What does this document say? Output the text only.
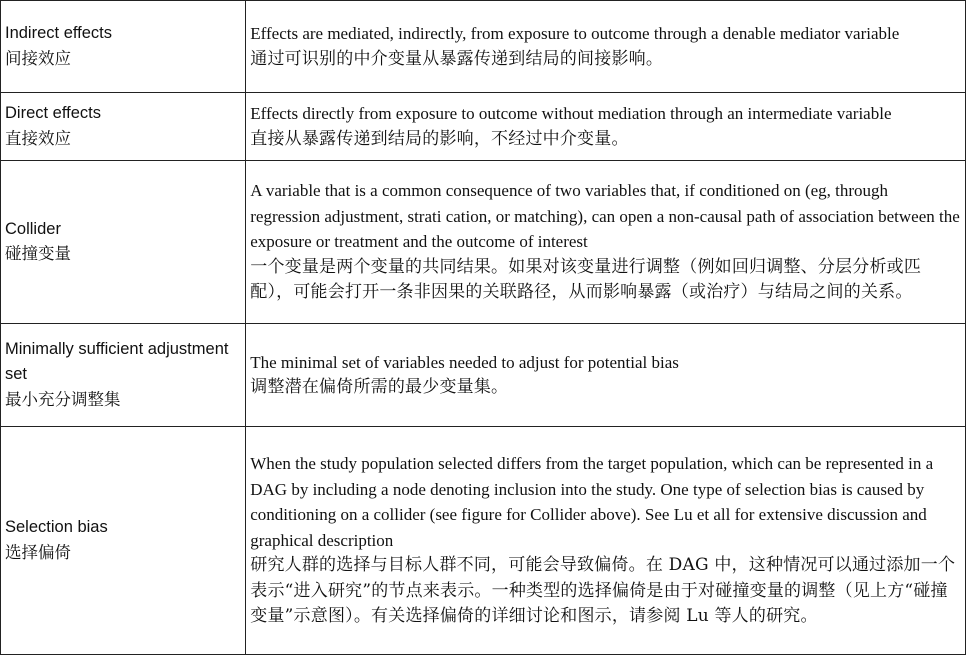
Indirect effects
间接效应	Effects are mediated, indirectly, from exposure to outcome through a denable mediator variable
通过可识别的中介变量从暴露传递到结局的间接影响。

Direct effects
直接效应	Effects directly from exposure to outcome without mediation through an intermediate variable
直接从暴露传递到结局的影响，不经过中介变量。

Collider
碰撞变量	A variable that is a common consequence of two variables that, if conditioned on (eg, through regression adjustment, strati cation, or matching), can open a non-causal path of association between the exposure or treatment and the outcome of interest
一个变量是两个变量的共同结果。如果对该变量进行调整（例如回归调整、分层分析或匹配），可能会打开一条非因果的关联路径，从而影响暴露（或治疗）与结局之间的关系。

Minimally sufficient adjustment set
最小充分调整集	The minimal set of variables needed to adjust for potential bias
调整潜在偏倚所需的最少变量集。

Selection bias
选择偏倚	When the study population selected differs from the target population, which can be represented in a DAG by including a node denoting inclusion into the study. One type of selection bias is caused by conditioning on a collider (see figure for Collider above). See Lu et all for extensive discussion and graphical description
研究人群的选择与目标人群不同，可能会导致偏倚。在 DAG 中，这种情况可以通过添加一个表示“进入研究”的节点来表示。一种类型的选择偏倚是由于对碰撞变量的调整（见上方“碰撞变量”示意图）。有关选择偏倚的详细讨论和图示，请参阅 Lu 等人的研究。
